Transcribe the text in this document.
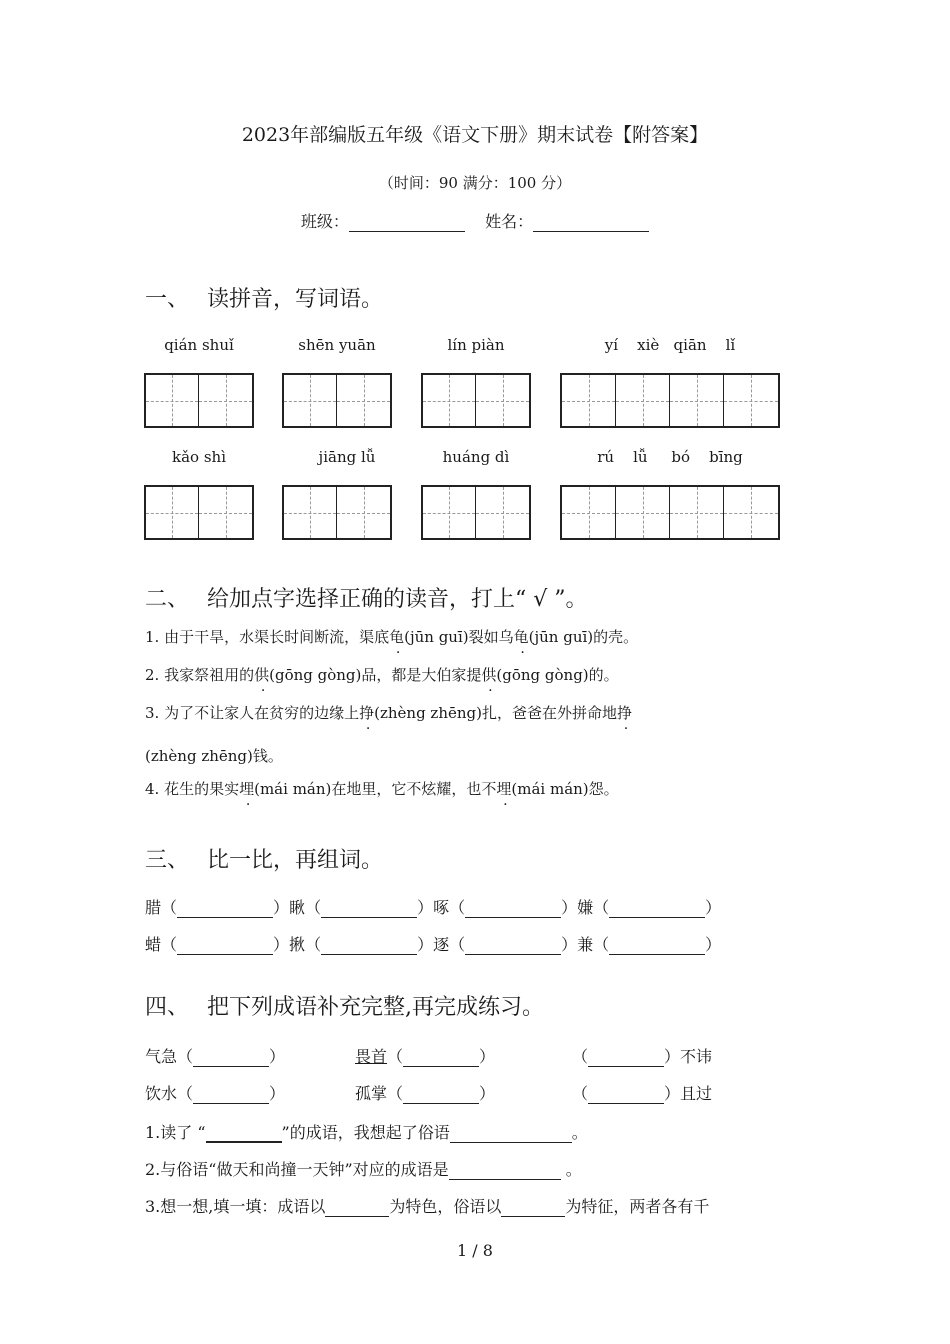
2023年部编版五年级《语文下册》期末试卷【附答案】
（时间：90 满分：100 分）
班级：	姓名：
一、 读拼音，写词语。
qián shuǐ	shēn yuān	lín piàn	yí    xiè   qiān    lǐ
kǎo shì	jiāng lǚ	huáng dì	rú    lǚ     bó    bīng
二、 给加点字选择正确的读音，打上“ √ ”。
1. 由于干旱，水渠长时间断流，渠底龟(jūn guī)裂如乌龟(jūn guī)的壳。
2. 我家祭祖用的供(gōng gòng)品，都是大伯家提供(gōng gòng)的。
3. 为了不让家人在贫穷的边缘上挣(zhèng zhēng)扎，爸爸在外拼命地挣
(zhèng zhēng)钱。
4. 花生的果实埋(mái mán)在地里，它不炫耀，也不埋(mái mán)怨。
三、 比一比，再组词。
腊（	）瞅（	）啄（	）嫌（	）
蜡（	）揪（	）逐（	）兼（	）
四、 把下列成语补充完整,再完成练习。
气急（	）	畏首（	）	（	）不讳
饮水（	）	孤掌（	）	（	）且过
1.读了 “	”的成语，我想起了俗语	。
2.与俗语“做天和尚撞一天钟”对应的成语是	。
3.想一想,填一填：成语以	为特色，俗语以	为特征，两者各有千
1 / 8
